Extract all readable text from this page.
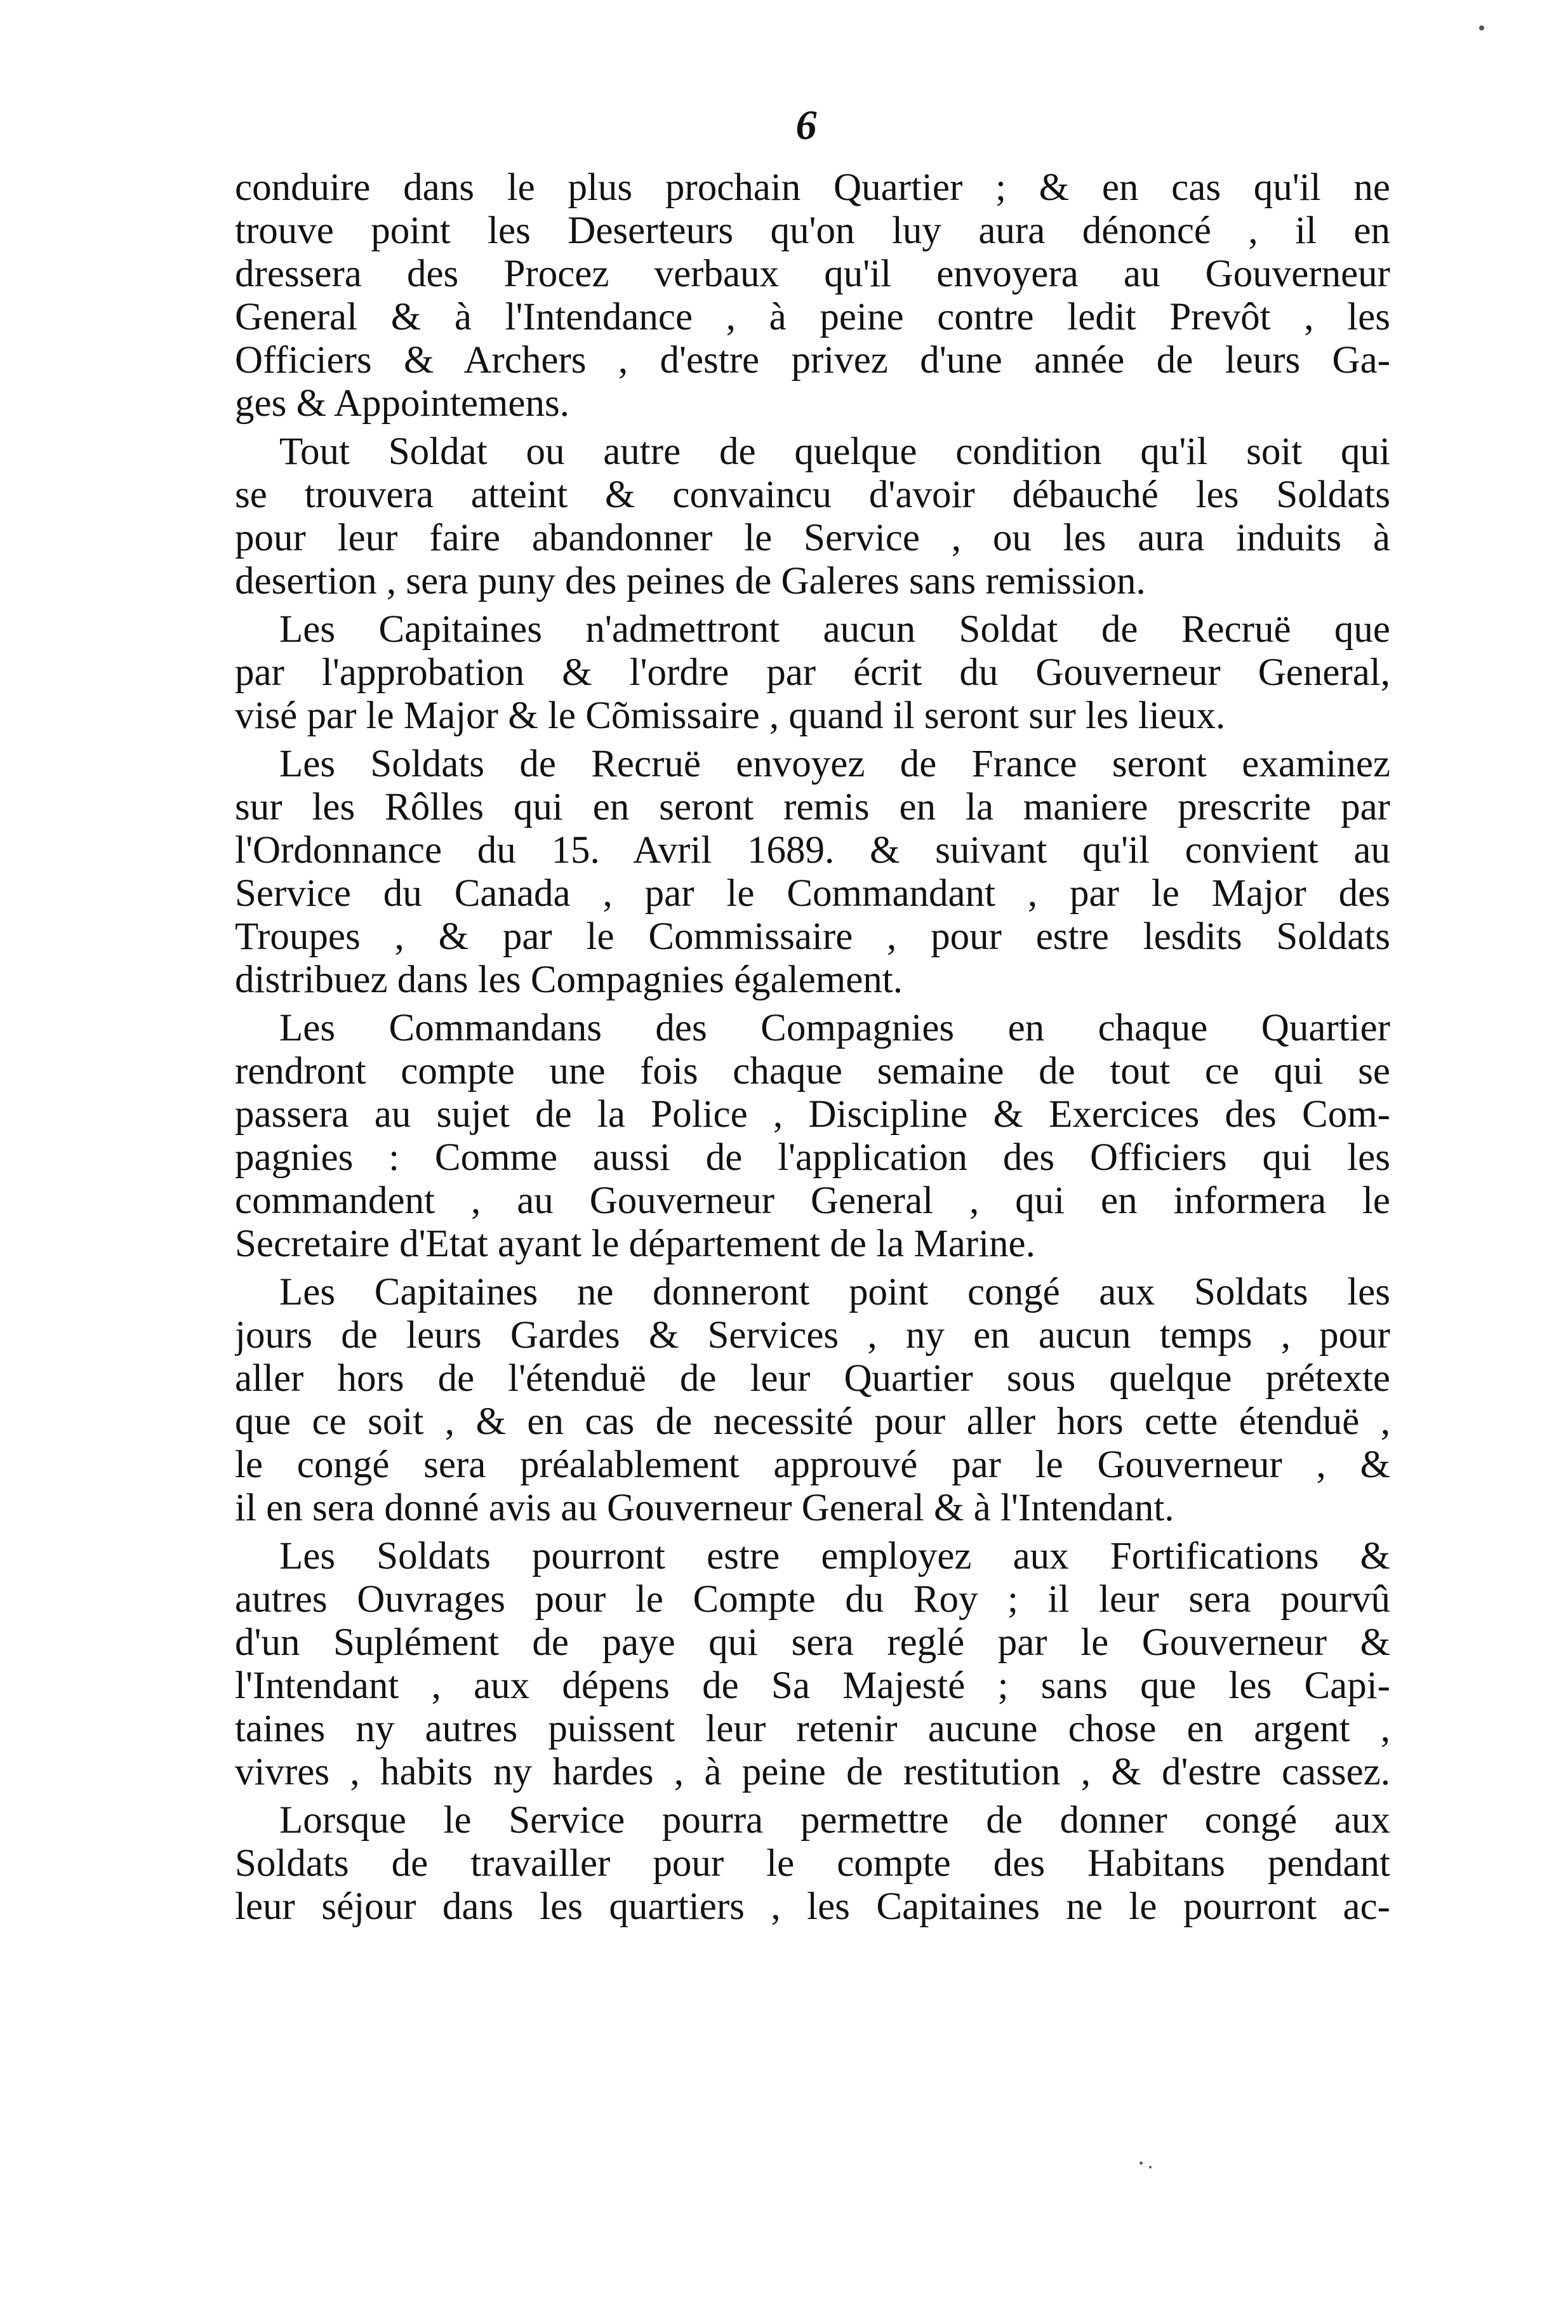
6
conduire dans le plus prochain Quartier ; & en cas qu'il ne
trouve point les Deserteurs qu'on luy aura dénoncé , il en
dressera des Procez verbaux qu'il envoyera au Gouverneur
General & à l'Intendance , à peine contre ledit Prevôt , les
Officiers & Archers , d'estre privez d'une année de leurs Ga-
ges & Appointemens.
Tout Soldat ou autre de quelque condition qu'il soit qui
se trouvera atteint & convaincu d'avoir débauché les Soldats
pour leur faire abandonner le Service , ou les aura induits à
desertion , sera puny des peines de Galeres sans remission.
Les Capitaines n'admettront aucun Soldat de Recruë que
par l'approbation & l'ordre par écrit du Gouverneur General,
visé par le Major & le Cõmissaire , quand il seront sur les lieux.
Les Soldats de Recruë envoyez de France seront examinez
sur les Rôlles qui en seront remis en la maniere prescrite par
l'Ordonnance du 15. Avril 1689. & suivant qu'il convient au
Service du Canada , par le Commandant , par le Major des
Troupes , & par le Commissaire , pour estre lesdits Soldats
distribuez dans les Compagnies également.
Les Commandans des Compagnies en chaque Quartier
rendront compte une fois chaque semaine de tout ce qui se
passera au sujet de la Police , Discipline & Exercices des Com-
pagnies : Comme aussi de l'application des Officiers qui les
commandent , au Gouverneur General , qui en informera le
Secretaire d'Etat ayant le département de la Marine.
Les Capitaines ne donneront point congé aux Soldats les
jours de leurs Gardes & Services , ny en aucun temps , pour
aller hors de l'étenduë de leur Quartier sous quelque prétexte
que ce soit , & en cas de necessité pour aller hors cette étenduë ,
le congé sera préalablement approuvé par le Gouverneur , &
il en sera donné avis au Gouverneur General & à l'Intendant.
Les Soldats pourront estre employez aux Fortifications &
autres Ouvrages pour le Compte du Roy ; il leur sera pourvû
d'un Suplément de paye qui sera reglé par le Gouverneur &
l'Intendant , aux dépens de Sa Majesté ; sans que les Capi-
taines ny autres puissent leur retenir aucune chose en argent ,
vivres , habits ny hardes , à peine de restitution , & d'estre cassez.
Lorsque le Service pourra permettre de donner congé aux
Soldats de travailler pour le compte des Habitans pendant
leur séjour dans les quartiers , les Capitaines ne le pourront ac-
